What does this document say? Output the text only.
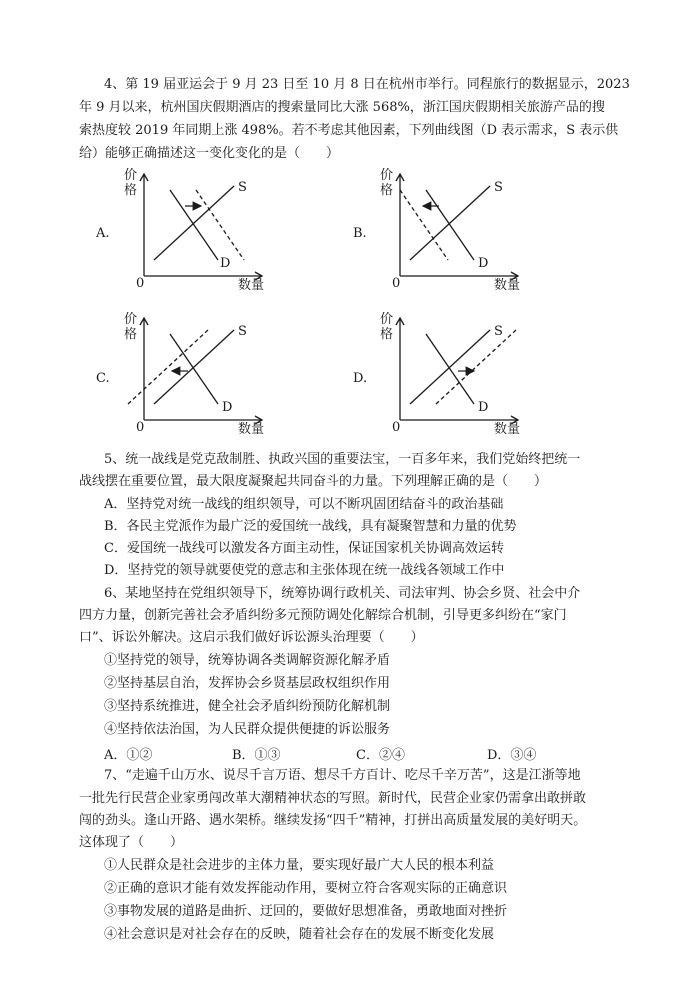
4、第 19 届亚运会于 9 月 23 日至 10 月 8 日在杭州市举行。同程旅行的数据显示，2023
年 9 月以来，杭州国庆假期酒店的搜索量同比大涨 568%，浙江国庆假期相关旅游产品的搜
索热度较 2019 年同期上涨 498%。若不考虑其他因素，下列曲线图（D 表示需求，S 表示供
给）能够正确描述这一变化变化的是（　　）
A.
价
格
0	数量
S
D
B.
价
格
0	数量
S
D
C.
价
格
0	数量
S
D
D.
价
格
0	数量
S
D
5、统一战线是党克敌制胜、执政兴国的重要法宝，一百多年来，我们党始终把统一
战线摆在重要位置，最大限度凝聚起共同奋斗的力量。下列理解正确的是（　　）
A．坚持党对统一战线的组织领导，可以不断巩固团结奋斗的政治基础
B．各民主党派作为最广泛的爱国统一战线，具有凝聚智慧和力量的优势
C．爱国统一战线可以激发各方面主动性，保证国家机关协调高效运转
D．坚持党的领导就要使党的意志和主张体现在统一战线各领域工作中
6、某地坚持在党组织领导下，统筹协调行政机关、司法审判、协会乡贤、社会中介
四方力量，创新完善社会矛盾纠纷多元预防调处化解综合机制，引导更多纠纷在“家门
口”、诉讼外解决。这启示我们做好诉讼源头治理要（　　）
①坚持党的领导，统筹协调各类调解资源化解矛盾
②坚持基层自治，发挥协会乡贤基层政权组织作用
③坚持系统推进，健全社会矛盾纠纷预防化解机制
④坚持依法治国，为人民群众提供便捷的诉讼服务
A．①②	B．①③	C．②④	D．③④
7、“走遍千山万水、说尽千言万语、想尽千方百计、吃尽千辛万苦”，这是江浙等地
一批先行民营企业家勇闯改革大潮精神状态的写照。新时代，民营企业家仍需拿出敢拼敢
闯的劲头。逢山开路、遇水架桥。继续发扬“四千”精神，打拼出高质量发展的美好明天。
这体现了（　　）
①人民群众是社会进步的主体力量，要实现好最广大人民的根本利益
②正确的意识才能有效发挥能动作用，要树立符合客观实际的正确意识
③事物发展的道路是曲折、迂回的，要做好思想准备，勇敢地面对挫折
④社会意识是对社会存在的反映，随着社会存在的发展不断变化发展
